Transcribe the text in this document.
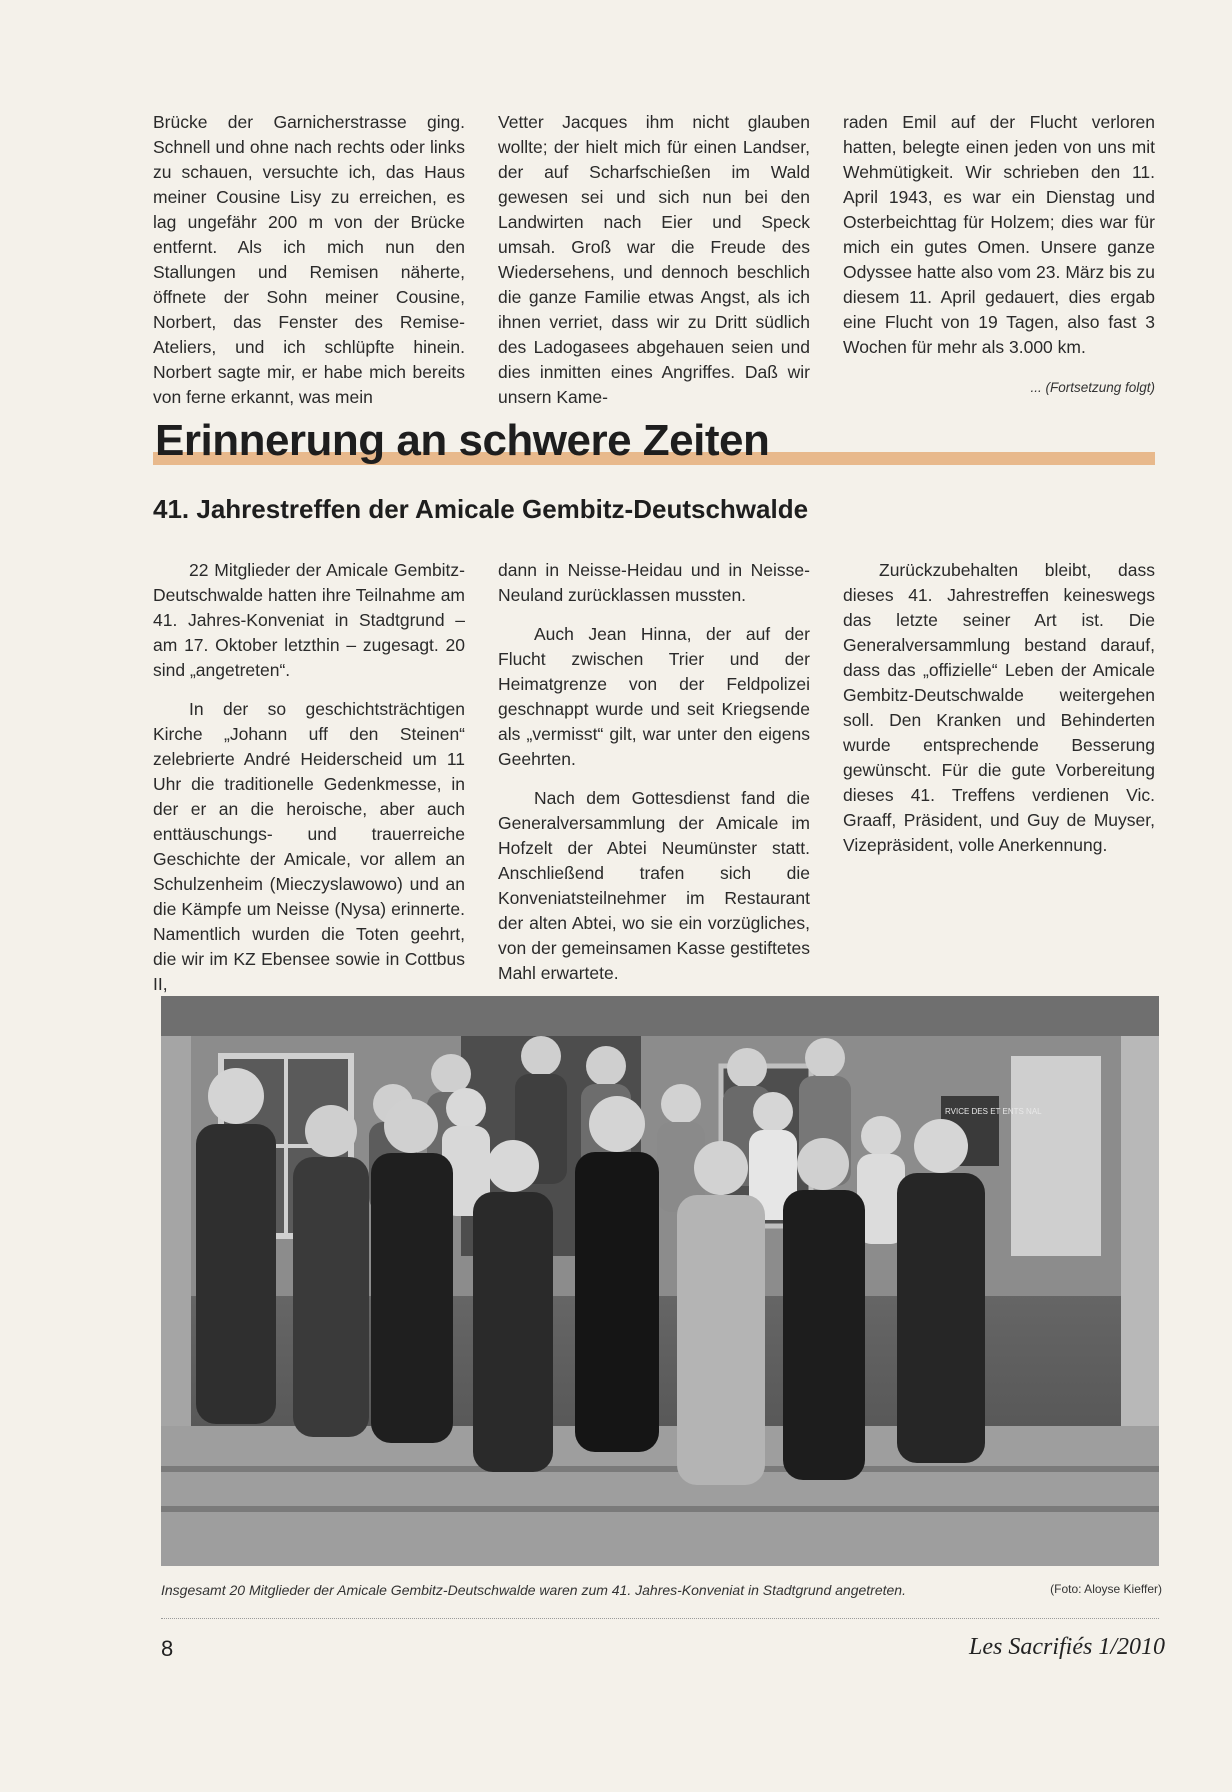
Brücke der Garnicherstrasse ging. Schnell und ohne nach rechts oder links zu schauen, versuchte ich, das Haus meiner Cousine Lisy zu erreichen, es lag ungefähr 200 m von der Brücke entfernt. Als ich mich nun den Stallungen und Remisen näherte, öffnete der Sohn meiner Cousine, Norbert, das Fenster des Remise-Ateliers, und ich schlüpfte hinein. Norbert sagte mir, er habe mich bereits von ferne erkannt, was mein

Vetter Jacques ihm nicht glauben wollte; der hielt mich für einen Landser, der auf Scharfschießen im Wald gewesen sei und sich nun bei den Landwirten nach Eier und Speck umsah. Groß war die Freude des Wiedersehens, und dennoch beschlich die ganze Familie etwas Angst, als ich ihnen verriet, dass wir zu Dritt südlich des Ladogasees abgehauen seien und dies inmitten eines Angriffes. Daß wir unsern Kame-

raden Emil auf der Flucht verloren hatten, belegte einen jeden von uns mit Wehmütigkeit. Wir schrieben den 11. April 1943, es war ein Dienstag und Osterbeichttag für Holzem; dies war für mich ein gutes Omen. Unsere ganze Odyssee hatte also vom 23. März bis zu diesem 11. April gedauert, dies ergab eine Flucht von 19 Tagen, also fast 3 Wochen für mehr als 3.000 km.

... (Fortsetzung folgt)
Erinnerung an schwere Zeiten
41. Jahrestreffen der Amicale Gembitz-Deutschwalde

22 Mitglieder der Amicale Gembitz-Deutschwalde hatten ihre Teilnahme am 41. Jahres-Konveniat in Stadtgrund – am 17. Oktober letzthin – zugesagt. 20 sind „angetreten“.

In der so geschichtsträchtigen Kirche „Johann uff den Steinen“ zelebrierte André Heiderscheid um 11 Uhr die traditionelle Gedenkmesse, in der er an die heroische, aber auch enttäuschungs- und trauerreiche Geschichte der Amicale, vor allem an Schulzenheim (Mieczyslawowo) und an die Kämpfe um Neisse (Nysa) erinnerte. Namentlich wurden die Toten geehrt, die wir im KZ Ebensee sowie in Cottbus II,

dann in Neisse-Heidau und in Neisse-Neuland zurücklassen mussten.

Auch Jean Hinna, der auf der Flucht zwischen Trier und der Heimatgrenze von der Feldpolizei geschnappt wurde und seit Kriegsende als „vermisst“ gilt, war unter den eigens Geehrten.

Nach dem Gottesdienst fand die Generalversammlung der Amicale im Hofzelt der Abtei Neumünster statt. Anschließend trafen sich die Konveniatsteilnehmer im Restaurant der alten Abtei, wo sie ein vorzügliches, von der gemeinsamen Kasse gestiftetes Mahl erwartete.

Zurückzubehalten bleibt, dass dieses 41. Jahrestreffen keineswegs das letzte seiner Art ist. Die Generalversammlung bestand darauf, dass das „offizielle“ Leben der Amicale Gembitz-Deutschwalde weitergehen soll. Den Kranken und Behinderten wurde entsprechende Besserung gewünscht. Für die gute Vorbereitung dieses 41. Treffens verdienen Vic. Graaff, Präsident, und Guy de Muyser, Vizepräsident, volle Anerkennung.

RVICE DES ET ENTS NAL
Insgesamt 20 Mitglieder der Amicale Gembitz-Deutschwalde waren zum 41. Jahres-Konveniat in Stadtgrund angetreten.	(Foto: Aloyse Kieffer)
8	Les Sacrifiés 1/2010
